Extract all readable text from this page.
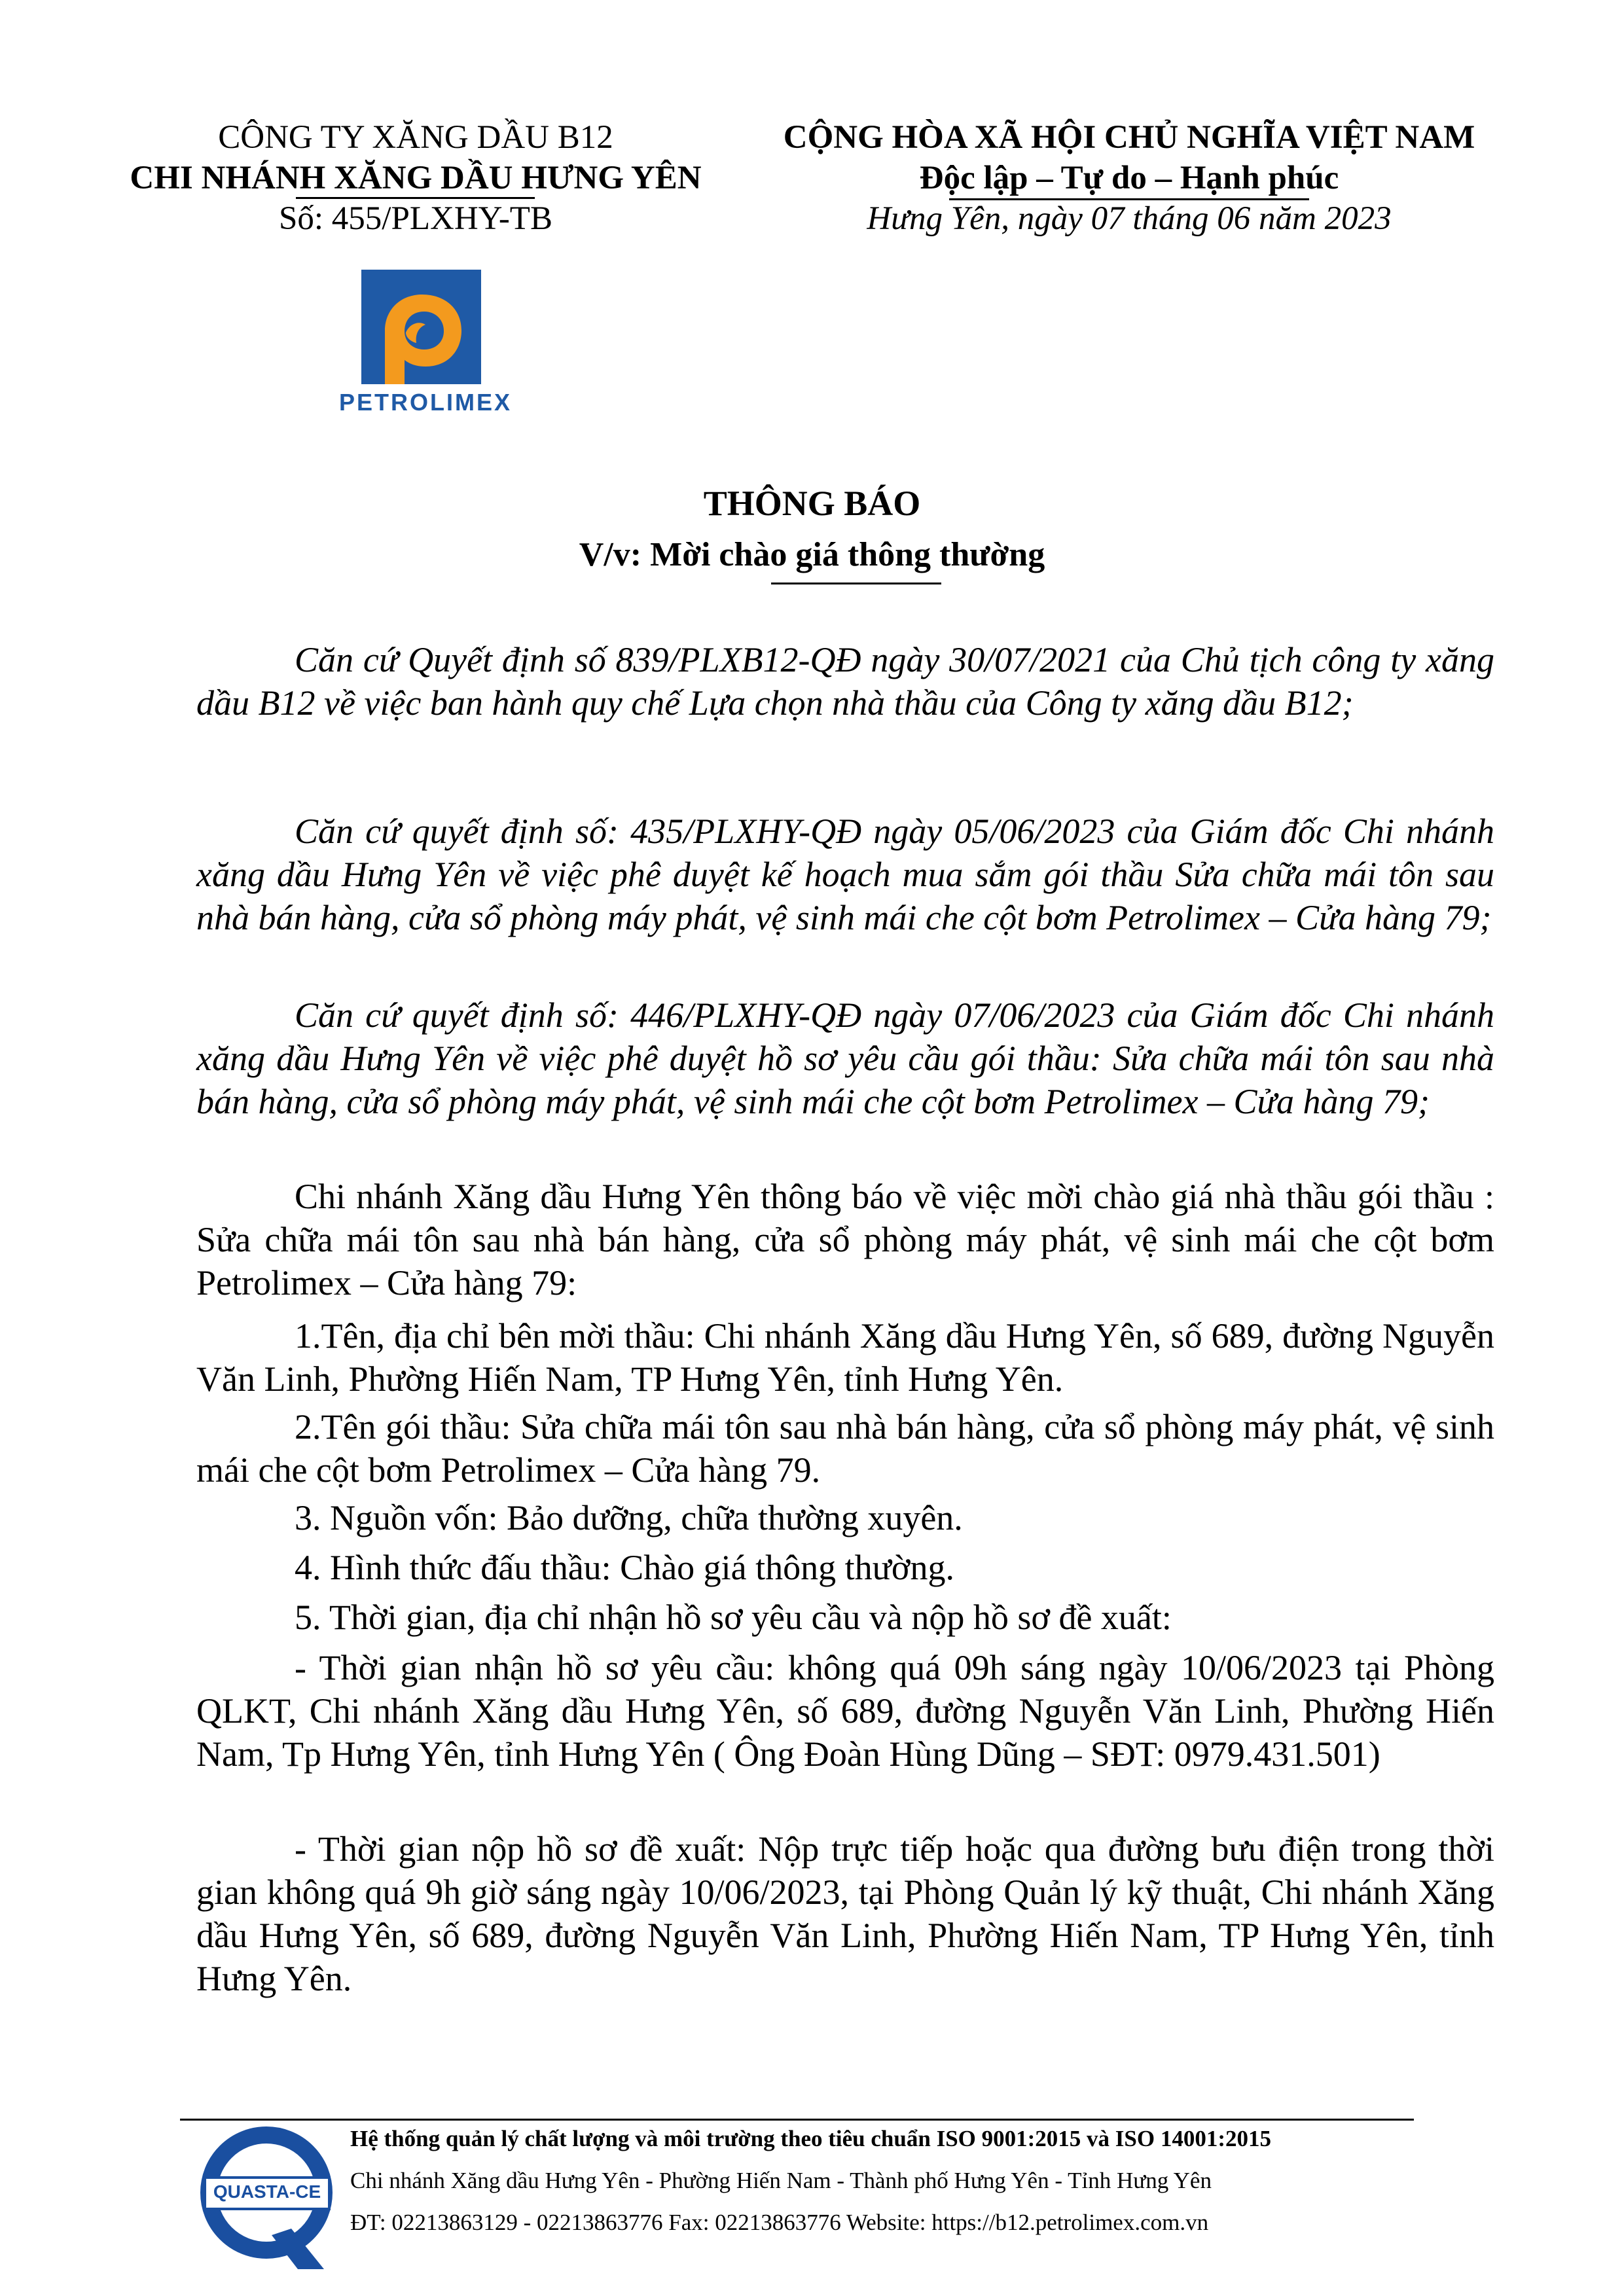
CÔNG TY XĂNG DẦU B12
CHI NHÁNH XĂNG DẦU HƯNG YÊN
Số: 455/PLXHY-TB
CỘNG HÒA XÃ HỘI CHỦ NGHĨA VIỆT NAM
Độc lập – Tự do – Hạnh phúc
Hưng Yên, ngày 07 tháng 06 năm 2023
PETROLIMEX
THÔNG BÁO
V/v: Mời chào giá thông thường

Căn cứ Quyết định số 839/PLXB12-QĐ ngày 30/07/2021 của Chủ tịch công ty xăng dầu B12 về việc ban hành quy chế Lựa chọn nhà thầu của Công ty xăng dầu B12;

Căn cứ quyết định số: 435/PLXHY-QĐ ngày 05/06/2023 của Giám đốc Chi nhánh xăng dầu Hưng Yên về việc phê duyệt kế hoạch mua sắm gói thầu Sửa chữa mái tôn sau nhà bán hàng, cửa sổ phòng máy phát, vệ sinh mái che cột bơm Petrolimex – Cửa hàng 79;

Căn cứ quyết định số: 446/PLXHY-QĐ ngày 07/06/2023 của Giám đốc Chi nhánh xăng dầu Hưng Yên về việc phê duyệt hồ sơ yêu cầu gói thầu: Sửa chữa mái tôn sau nhà bán hàng, cửa sổ phòng máy phát, vệ sinh mái che cột bơm Petrolimex – Cửa hàng 79;

Chi nhánh Xăng dầu Hưng Yên thông báo về việc mời chào giá nhà thầu gói thầu : Sửa chữa mái tôn sau nhà bán hàng, cửa sổ phòng máy phát, vệ sinh mái che cột bơm Petrolimex – Cửa hàng 79:

1.Tên, địa chỉ bên mời thầu: Chi nhánh Xăng dầu Hưng Yên, số 689, đường Nguyễn Văn Linh, Phường Hiến Nam, TP Hưng Yên, tỉnh Hưng Yên.

2.Tên gói thầu: Sửa chữa mái tôn sau nhà bán hàng, cửa sổ phòng máy phát, vệ sinh mái che cột bơm Petrolimex – Cửa hàng 79.

3. Nguồn vốn: Bảo dưỡng, chữa thường xuyên.

4. Hình thức đấu thầu: Chào giá thông thường.

5. Thời gian, địa chỉ nhận hồ sơ yêu cầu và nộp hồ sơ đề xuất:

- Thời gian nhận hồ sơ yêu cầu: không quá 09h sáng ngày 10/06/2023 tại Phòng QLKT, Chi nhánh Xăng dầu Hưng Yên, số 689, đường Nguyễn Văn Linh, Phường Hiến Nam, Tp Hưng Yên, tỉnh Hưng Yên ( Ông Đoàn Hùng Dũng – SĐT: 0979.431.501)

- Thời gian nộp hồ sơ đề xuất: Nộp trực tiếp hoặc qua đường bưu điện trong thời gian không quá 9h giờ sáng ngày 10/06/2023, tại Phòng Quản lý kỹ thuật, Chi nhánh Xăng dầu Hưng Yên, số 689, đường Nguyễn Văn Linh, Phường Hiến Nam, TP Hưng Yên, tỉnh Hưng Yên.

QUASTA-CE
Hệ thống quản lý chất lượng và môi trường theo tiêu chuẩn ISO 9001:2015 và ISO 14001:2015
Chi nhánh Xăng dầu Hưng Yên - Phường Hiến Nam - Thành phố Hưng Yên - Tỉnh Hưng Yên
ĐT: 02213863129 - 02213863776 Fax: 02213863776 Website: https://b12.petrolimex.com.vn
